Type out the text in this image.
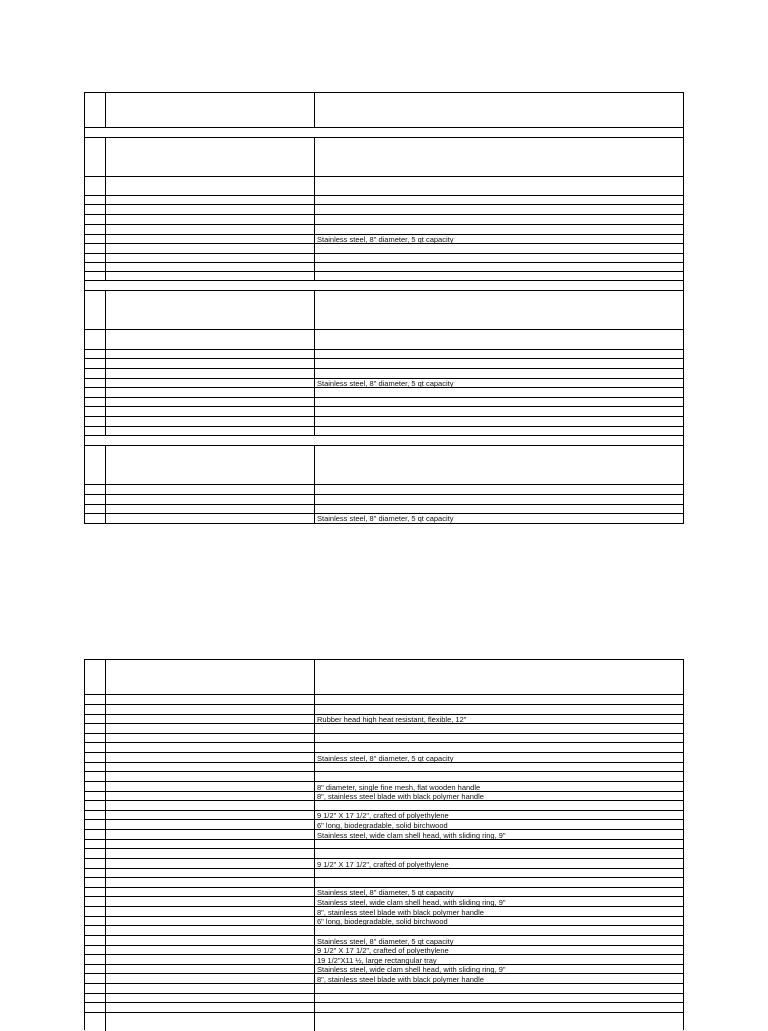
Stainless steel, 8" diameter, 5 qt capacity
Stainless steel, 8" diameter, 5 qt capacity
Stainless steel, 8" diameter, 5 qt capacity
Rubber head high heat resistant, flexible, 12"
Stainless steel, 8" diameter, 5 qt capacity
8" diameter, single fine mesh, flat wooden handle
8", stainless steel blade with black polymer handle
9 1/2" X 17 1/2", crafted of polyethylene
6" long, biodegradable, solid birchwood
Stainless steel, wide clam shell head, with sliding ring, 9"
9 1/2" X 17 1/2", crafted of polyethylene
Stainless steel, 8" diameter, 5 qt capacity
Stainless steel, wide clam shell head, with sliding ring, 9"
8", stainless steel blade with black polymer handle
6" long, biodegradable, solid birchwood
Stainless steel, 8" diameter, 5 qt capacity
9 1/2" X 17 1/2", crafted of polyethylene
19 1/2"X11 ½, large rectangular tray
Stainless steel, wide clam shell head, with sliding ring, 9"
8", stainless steel blade with black polymer handle
